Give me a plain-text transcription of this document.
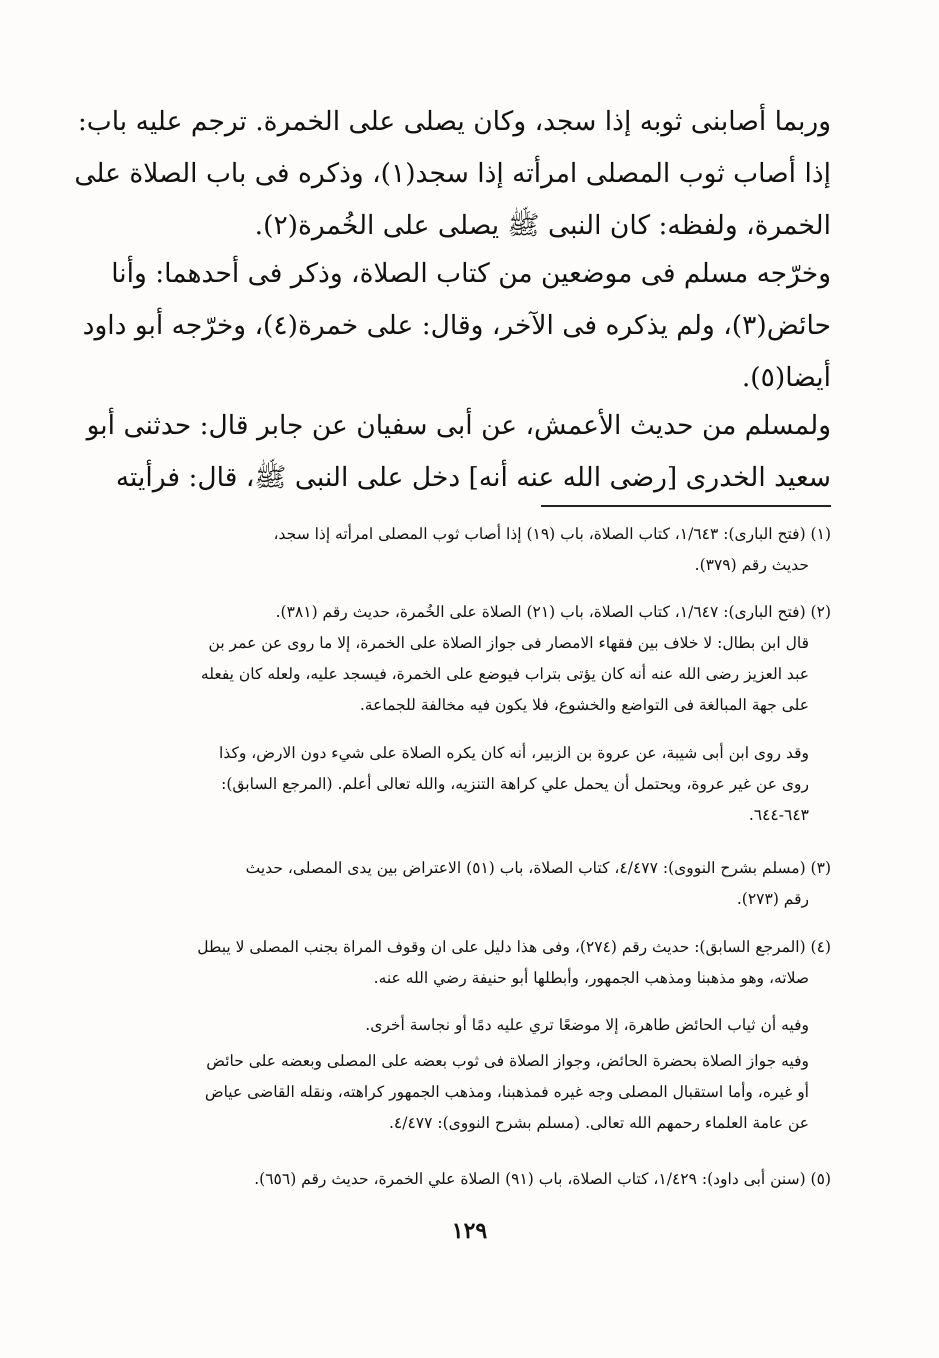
وربما أصابنى ثوبه إذا سجد، وكان يصلى على الخمرة. ترجم عليه باب:
إذا أصاب ثوب المصلى امرأته إذا سجد(١)، وذكره فى باب الصلاة على
الخمرة، ولفظه: كان النبى ﷺ يصلى على الخُمرة(٢).
وخرّجه مسلم فى موضعين من كتاب الصلاة، وذكر فى أحدهما: وأنا
حائض(٣)، ولم يذكره فى الآخر، وقال: على خمرة(٤)، وخرّجه أبو داود
أيضا(٥).
ولمسلم من حديث الأعمش، عن أبى سفيان عن جابر قال: حدثنى أبو
سعيد الخدرى [رضى الله عنه أنه] دخل على النبى ﷺ، قال: فرأيته
(١) (فتح البارى): ١/٦٤٣، كتاب الصلاة، باب (١٩) إذا أصاب ثوب المصلى امرأته إذا سجد،
حديث رقم (٣٧٩).
(٢) (فتح البارى): ١/٦٤٧، كتاب الصلاة، باب (٢١) الصلاة على الخُمرة، حديث رقم (٣٨١).
قال ابن بطال: لا خلاف بين فقهاء الامصار فى جواز الصلاة على الخمرة، إلا ما روى عن عمر بن
عبد العزيز رضى الله عنه أنه كان يؤتى بتراب فيوضع على الخمرة، فيسجد عليه، ولعله كان يفعله
على جهة المبالغة فى التواضع والخشوع، فلا يكون فيه مخالفة للجماعة.
وقد روى ابن أبى شيبة، عن عروة بن الزبير، أنه كان يكره الصلاة على شيء دون الارض، وكذا
روى عن غير عروة، ويحتمل أن يحمل علي كراهة التنزيه، والله تعالى أعلم. (المرجع السابق):
٦٤٣-٦٤٤.
(٣) (مسلم بشرح النووى): ٤/٤٧٧، كتاب الصلاة، باب (٥١) الاعتراض بين يدى المصلى، حديث
رقم (٢٧٣).
(٤) (المرجع السابق): حديث رقم (٢٧٤)، وفى هذا دليل على ان وقوف المراة بجنب المصلى لا يبطل
صلاته، وهو مذهبنا ومذهب الجمهور، وأبطلها أبو حنيفة رضي الله عنه.
وفيه أن ثياب الحائض طاهرة، إلا موضعًا تري عليه دمًا أو نجاسة أخرى.
وفيه جواز الصلاة بحضرة الحائض، وجواز الصلاة فى ثوب بعضه على المصلى وبعضه على حائض
أو غيره، وأما استقبال المصلى وجه غيره فمذهبنا، ومذهب الجمهور كراهته، ونقله القاضى عياض
عن عامة العلماء رحمهم الله تعالى. (مسلم بشرح النووى): ٤/٤٧٧.
(٥) (سنن أبى داود): ١/٤٢٩، كتاب الصلاة، باب (٩١) الصلاة علي الخمرة، حديث رقم (٦٥٦).
١٢٩
